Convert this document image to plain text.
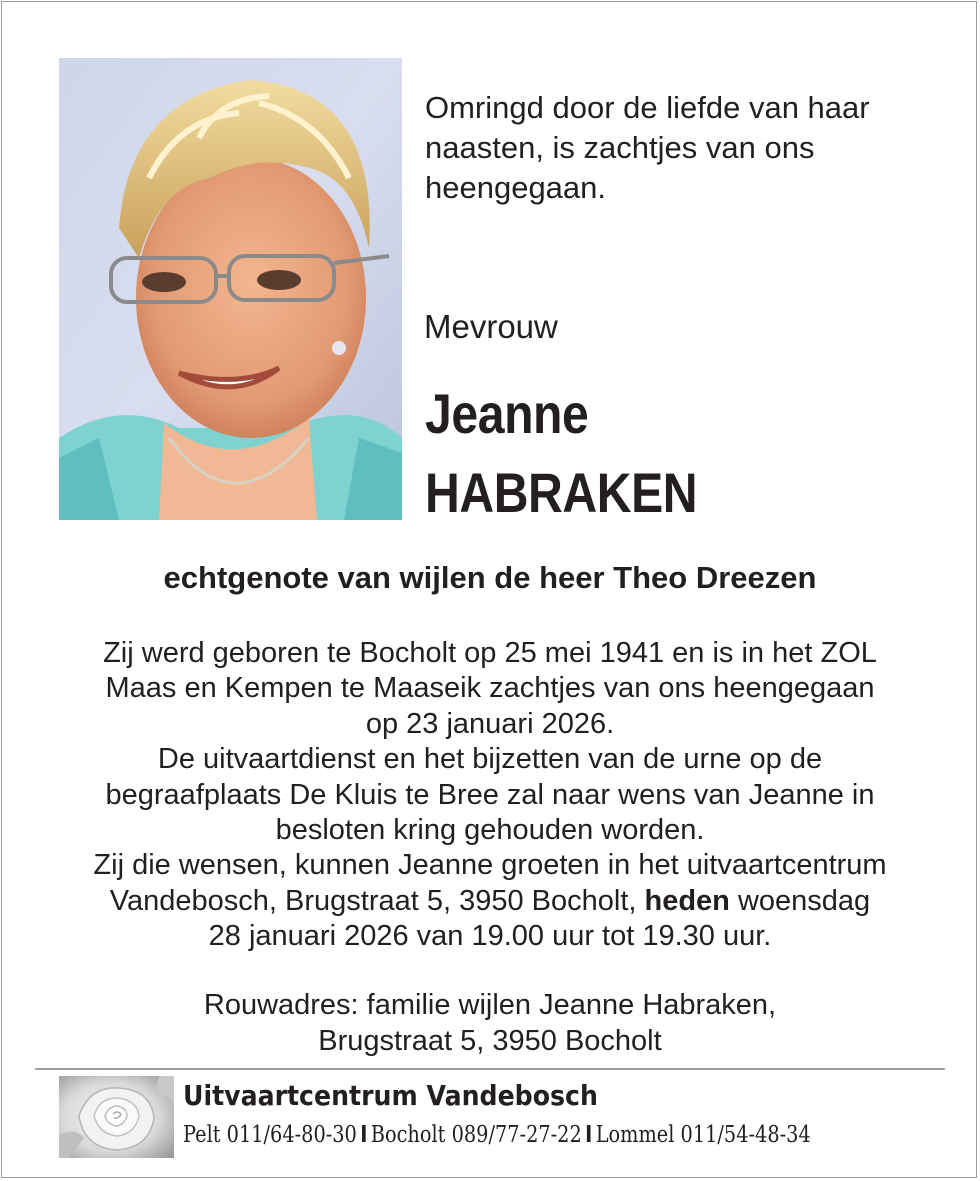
Omringd door de liefde van haar
naasten, is zachtjes van ons
heengegaan.
Mevrouw
Jeanne
HABRAKEN
echtgenote van wijlen de heer Theo Dreezen
Zij werd geboren te Bocholt op 25 mei 1941 en is in het ZOL
Maas en Kempen te Maaseik zachtjes van ons heengegaan
op 23 januari 2026.
De uitvaartdienst en het bijzetten van de urne op de
begraafplaats De Kluis te Bree zal naar wens van Jeanne in
besloten kring gehouden worden.
Zij die wensen, kunnen Jeanne groeten in het uitvaartcentrum
Vandebosch, Brugstraat 5, 3950 Bocholt, heden woensdag
28 januari 2026 van 19.00 uur tot 19.30 uur.
Rouwadres: familie wijlen Jeanne Habraken,
Brugstraat 5, 3950 Bocholt
Uitvaartcentrum Vandebosch
Pelt 011/64-80-30 I Bocholt 089/77-27-22 I Lommel 011/54-48-34
